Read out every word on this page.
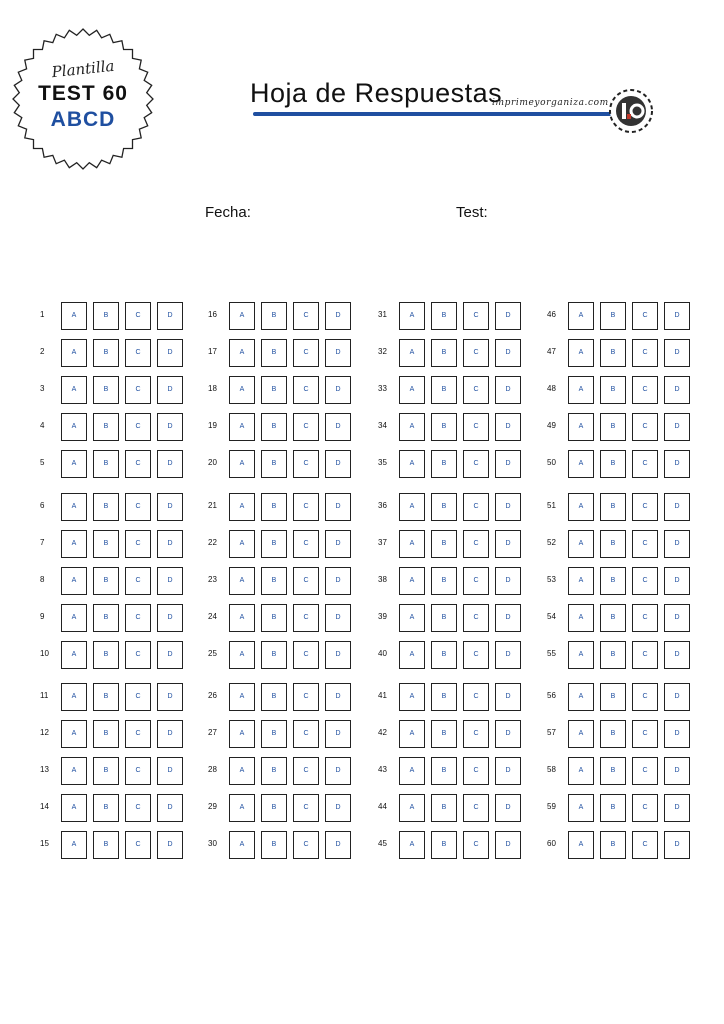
Plantilla
TEST 60
ABCD
Hoja de Respuestas
imprimeyorganiza.com
Fecha:	Test:
1	A	B	C	D
2	A	B	C	D
3	A	B	C	D
4	A	B	C	D
5	A	B	C	D
6	A	B	C	D
7	A	B	C	D
8	A	B	C	D
9	A	B	C	D
10	A	B	C	D
11	A	B	C	D
12	A	B	C	D
13	A	B	C	D
14	A	B	C	D
15	A	B	C	D
16	A	B	C	D
17	A	B	C	D
18	A	B	C	D
19	A	B	C	D
20	A	B	C	D
21	A	B	C	D
22	A	B	C	D
23	A	B	C	D
24	A	B	C	D
25	A	B	C	D
26	A	B	C	D
27	A	B	C	D
28	A	B	C	D
29	A	B	C	D
30	A	B	C	D
31	A	B	C	D
32	A	B	C	D
33	A	B	C	D
34	A	B	C	D
35	A	B	C	D
36	A	B	C	D
37	A	B	C	D
38	A	B	C	D
39	A	B	C	D
40	A	B	C	D
41	A	B	C	D
42	A	B	C	D
43	A	B	C	D
44	A	B	C	D
45	A	B	C	D
46	A	B	C	D
47	A	B	C	D
48	A	B	C	D
49	A	B	C	D
50	A	B	C	D
51	A	B	C	D
52	A	B	C	D
53	A	B	C	D
54	A	B	C	D
55	A	B	C	D
56	A	B	C	D
57	A	B	C	D
58	A	B	C	D
59	A	B	C	D
60	A	B	C	D
